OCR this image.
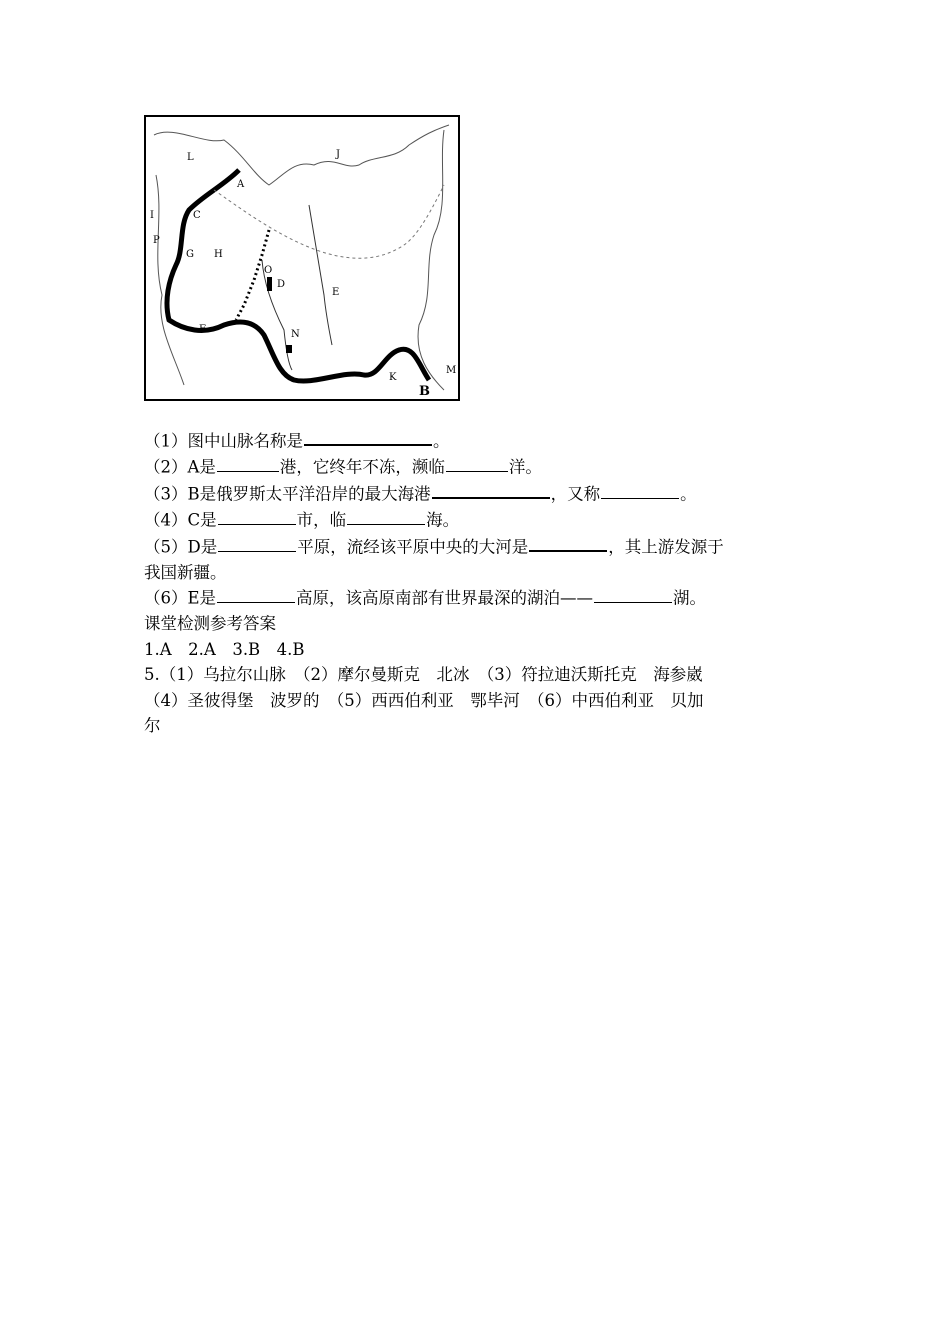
L	J
A
I	C
P
G H
O
D
E
F	N
K
B
M
（1）图中山脉名称是	。
（2）A是	港，它终年不冻，濒临	洋。
（3）B是俄罗斯太平洋沿岸的最大海港	，又称	。
（4）C是	市，临	海。
（5）D是	平原，流经该平原中央的大河是	，其上游发源于
我国新疆。
（6）E是	高原，该高原南部有世界最深的湖泊——	湖。
课堂检测参考答案
1.A　2.A　3.B　4.B
5.（1）乌拉尔山脉　（2）摩尔曼斯克　北冰　（3）符拉迪沃斯托克　海参崴
（4）圣彼得堡　波罗的　（5）西西伯利亚　鄂毕河　（6）中西伯利亚　贝加
尔
